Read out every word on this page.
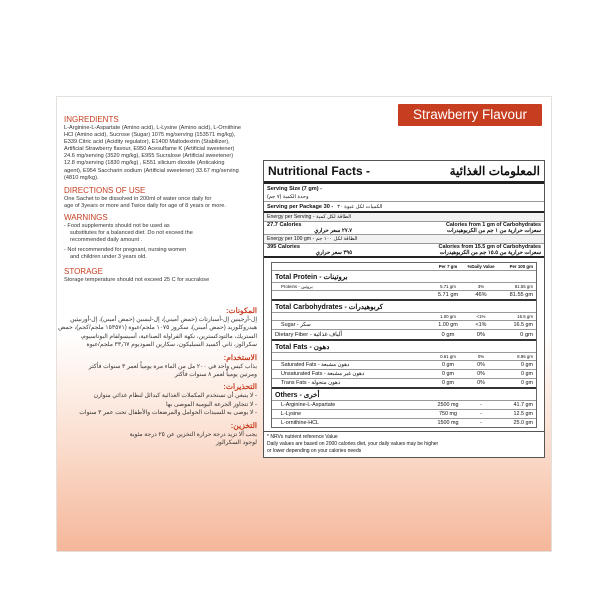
Strawberry Flavour
INGREDIENTS
L-Arginine-L-Aspartate (Amino acid), L-Lysine (Amino acid), L-Ornithine
HCl (Amino acid), Sucrose (Sugar) 1075 mg/serving (153571 mg/kg),
E339 Citric acid (Acidity regulator), E1400 Maltodextrin (Stabilizer),
Artificial Strawberry flavour, E950 Acesulfame K (Artificial sweetener)
24.6 mg/serving (3520 mg/kg), E955 Sucralose (Artificial sweetener)
12.8 mg/serving (1830 mg/kg) , E551 silicium dioxide (Anticaking
agent), E954 Saccharin sodium (Artificial sweetener) 33.67 mg/serving
(4810 mg/kg).
DIRECTIONS OF USE
One Sachet to be dissolved in 200ml of water once daily for
age of 3years or more and Twice daily for age of 8 years or more.
WARNINGS
- Food supplements should not be used as
substitutes for a balanced diet. Do not exceed the
recommended daily amount .
- Not recommended for pregnant, nursing women
and children under 3 years old.
STORAGE
Storage temperature should not exceed 25 C for sucralose
المكونات:
إل-أرجينين إل-أسبارتات (حمض أميني)، إل-ليسين (حمض أميني)، إل-أورنيثين
هيدروكلوريد (حمض أميني)، سكروز ١٠٧٥ ملجم/عبوة (١٥٣٥٧١ ملجم/كجم)، حمض
الستريك، مالتودكسترين، نكهة الفراولة الصناعية، أسيسولفام البوتاسيوم،
سكرالوز، ثاني أكسيد السيليكون، سكارين الصوديوم ٣٣٫٦٧ ملجم/عبوة
الاستخدام:
يذاب كيس واحد في ٢٠٠ مل من الماء مرة يومياً لعمر ٣ سنوات فأكثر
ومرتين يومياً لعمر ٨ سنوات فأكثر
التحذيرات:
- لا ينبغي أن تستخدم المكملات الغذائية كبدائل لنظام غذائي متوازن
- لا تتجاوز الجرعة اليومية الموصى بها
- لا يوصى به للسيدات الحوامل والمرضعات والأطفال تحت عمر ٣ سنوات
التخزين:
يجب ألا تزيد درجة حرارة التخزين عن ٢٥ درجة مئوية
لوجود السكرالوز
Nutritional Facts -	المعلومات الغذائية
Serving Size (7 gm) -
وحدة الكمية (٧ جم)
Serving per Package 30 - الكميات لكل عبوة ٣٠
Energy per Serving - الطاقة لكل كمية
27.7 Calories
٢٧.٧ سعر حراري
Calories from 1 gm of Carbohydrates
سعرات حرارية من ١ جم من الكربوهيدرات
Energy per 100 gm - الطاقة لكل ١٠٠ جم
395 Calories
٣٩٥ سعر حراري
Calories from 15.5 gm of Carbohydrates
سعرات حرارية من ١٥.٥ جم من الكربوهيدرات
Per 7 gm	%Daily Value	Per 100 gm
Total Protein - بروتينات
Proteins - بروتين	5.71 gm	3%	81.55 gm
5.71 gm	46%	81.55 gm
Total Carbohydrates - كربوهيدرات
1.00 gm	<1%	16.5 gm
Sugar - سكر	1.00 gm	<1%	16.5 gm
Dietary Fiber - ألياف غذائية	0 gm	0%	0 gm
Total Fats - دهون
0.61 gm	0%	8.96 gm
Saturated Fats - دهون مشبعة	0 gm	0%	0 gm
Unsaturated Fats - دهون غير مشبعة	0 gm	0%	0 gm
Trans Fats - دهون متحولة	0 gm	0%	0 gm
Others - أخرى
L-Arginine-L-Aspartate	2500 mg	-	41.7 gm
L-Lysine	750 mg	-	12.5 gm
L-ornithine-HCL	1500 mg	-	25.0 gm
* NRVs nutrient reference Value
Daily values are based on 2000 calories diet, your daily values may be higher
or lower depending on your calories needs
